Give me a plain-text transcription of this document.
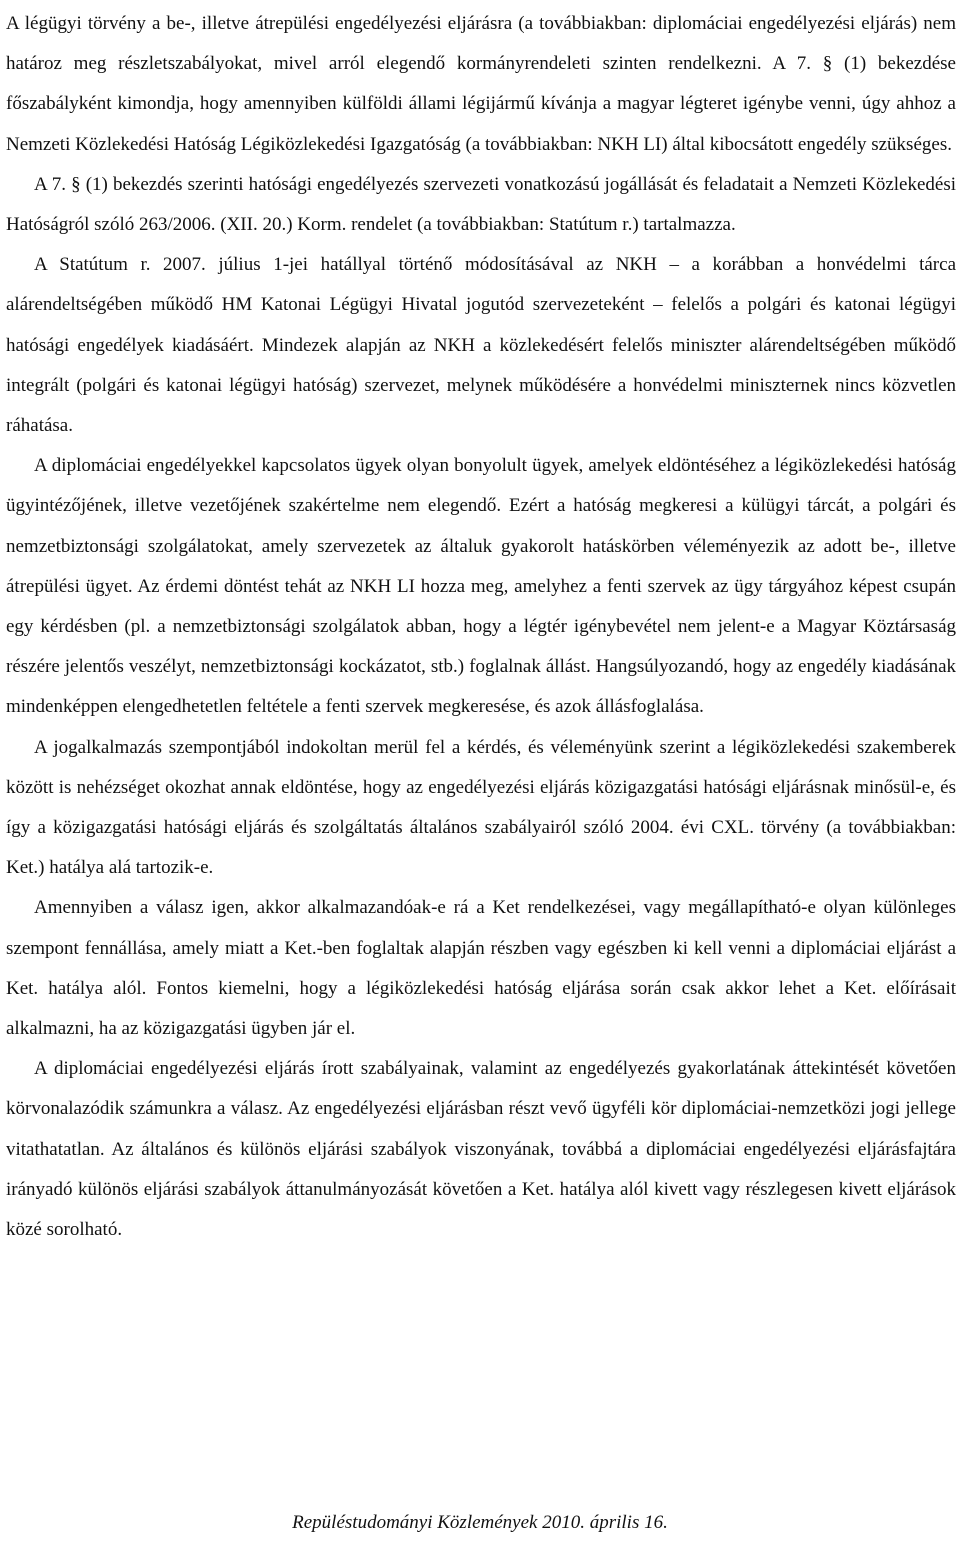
A légügyi törvény a be-, illetve átrepülési engedélyezési eljárásra (a továbbiakban: diplomáciai engedélyezési eljárás) nem határoz meg részletszabályokat, mivel arról elegendő kormányrendeleti szinten rendelkezni. A 7. § (1) bekezdése főszabályként kimondja, hogy amennyiben külföldi állami légijármű kívánja a magyar légteret igénybe venni, úgy ahhoz a Nemzeti Közlekedési Hatóság Légiközlekedési Igazgatóság (a továbbiakban: NKH LI) által kibocsátott engedély szükséges.

A 7. § (1) bekezdés szerinti hatósági engedélyezés szervezeti vonatkozású jogállását és feladatait a Nemzeti Közlekedési Hatóságról szóló 263/2006. (XII. 20.) Korm. rendelet (a továbbiakban: Statútum r.) tartalmazza.

A Statútum r. 2007. július 1-jei hatállyal történő módosításával az NKH – a korábban a honvédelmi tárca alárendeltségében működő HM Katonai Légügyi Hivatal jogutód szervezeteként – felelős a polgári és katonai légügyi hatósági engedélyek kiadásáért. Mindezek alapján az NKH a közlekedésért felelős miniszter alárendeltségében működő integrált (polgári és katonai légügyi hatóság) szervezet, melynek működésére a honvédelmi miniszternek nincs közvetlen ráhatása.

A diplomáciai engedélyekkel kapcsolatos ügyek olyan bonyolult ügyek, amelyek eldöntéséhez a légiközlekedési hatóság ügyintézőjének, illetve vezetőjének szakértelme nem elegendő. Ezért a hatóság megkeresi a külügyi tárcát, a polgári és nemzetbiztonsági szolgálatokat, amely szervezetek az általuk gyakorolt hatáskörben véleményezik az adott be-, illetve átrepülési ügyet. Az érdemi döntést tehát az NKH LI hozza meg, amelyhez a fenti szervek az ügy tárgyához képest csupán egy kérdésben (pl. a nemzetbiztonsági szolgálatok abban, hogy a légtér igénybevétel nem jelent-e a Magyar Köztársaság részére jelentős veszélyt, nemzetbiztonsági kockázatot, stb.) foglalnak állást. Hangsúlyozandó, hogy az engedély kiadásának mindenképpen elengedhetetlen feltétele a fenti szervek megkeresése, és azok állásfoglalása.

A jogalkalmazás szempontjából indokoltan merül fel a kérdés, és véleményünk szerint a légiközlekedési szakemberek között is nehézséget okozhat annak eldöntése, hogy az engedélyezési eljárás közigazgatási hatósági eljárásnak minősül-e, és így a közigazgatási hatósági eljárás és szolgáltatás általános szabályairól szóló 2004. évi CXL. törvény (a továbbiakban: Ket.) hatálya alá tartozik-e.

Amennyiben a válasz igen, akkor alkalmazandóak-e rá a Ket rendelkezései, vagy megállapítható-e olyan különleges szempont fennállása, amely miatt a Ket.-ben foglaltak alapján részben vagy egészben ki kell venni a diplomáciai eljárást a Ket. hatálya alól. Fontos kiemelni, hogy a légiközlekedési hatóság eljárása során csak akkor lehet a Ket. előírásait alkalmazni, ha az közigazgatási ügyben jár el.

A diplomáciai engedélyezési eljárás írott szabályainak, valamint az engedélyezés gyakorlatának áttekintését követően körvonalazódik számunkra a válasz. Az engedélyezési eljárásban részt vevő ügyféli kör diplomáciai-nemzetközi jogi jellege vitathatatlan. Az általános és különös eljárási szabályok viszonyának, továbbá a diplomáciai engedélyezési eljárásfajtára irányadó különös eljárási szabályok áttanulmányozását követően a Ket. hatálya alól kivett vagy részlegesen kivett eljárások közé sorolható.

Repüléstudományi Közlemények 2010. április 16.
